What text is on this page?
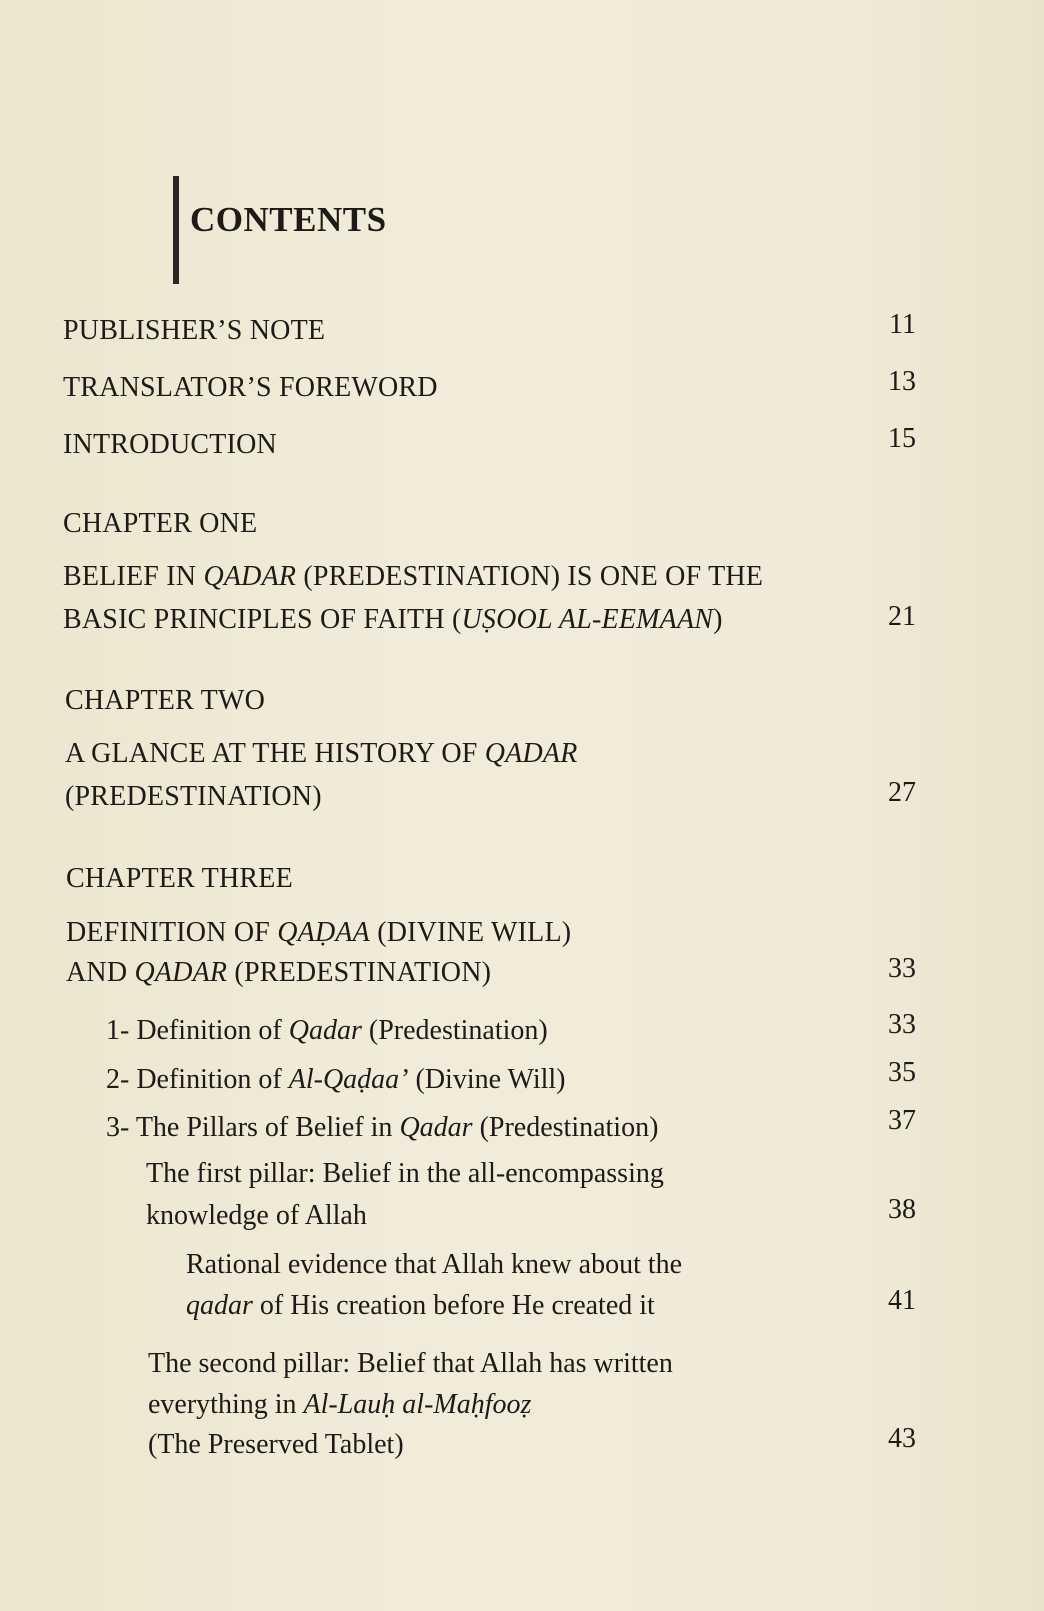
CONTENTS
PUBLISHER’S NOTE	11
TRANSLATOR’S FOREWORD	13
INTRODUCTION	15
CHAPTER ONE
BELIEF IN QADAR (PREDESTINATION) IS ONE OF THE
BASIC PRINCIPLES OF FAITH (UṢOOL AL-EEMAAN)	21
CHAPTER TWO
A GLANCE AT THE HISTORY OF QADAR
(PREDESTINATION)	27
CHAPTER THREE
DEFINITION OF QAḌAA (DIVINE WILL)
AND QADAR (PREDESTINATION)	33
1- Definition of Qadar (Predestination)	33
2- Definition of Al-Qaḍaa’ (Divine Will)	35
3- The Pillars of Belief in Qadar (Predestination)	37
The first pillar: Belief in the all-encompassing
knowledge of Allah	38
Rational evidence that Allah knew about the
qadar of His creation before He created it	41
The second pillar: Belief that Allah has written
everything in Al-Lauḥ al-Maḥfooẓ
(The Preserved Tablet)	43
